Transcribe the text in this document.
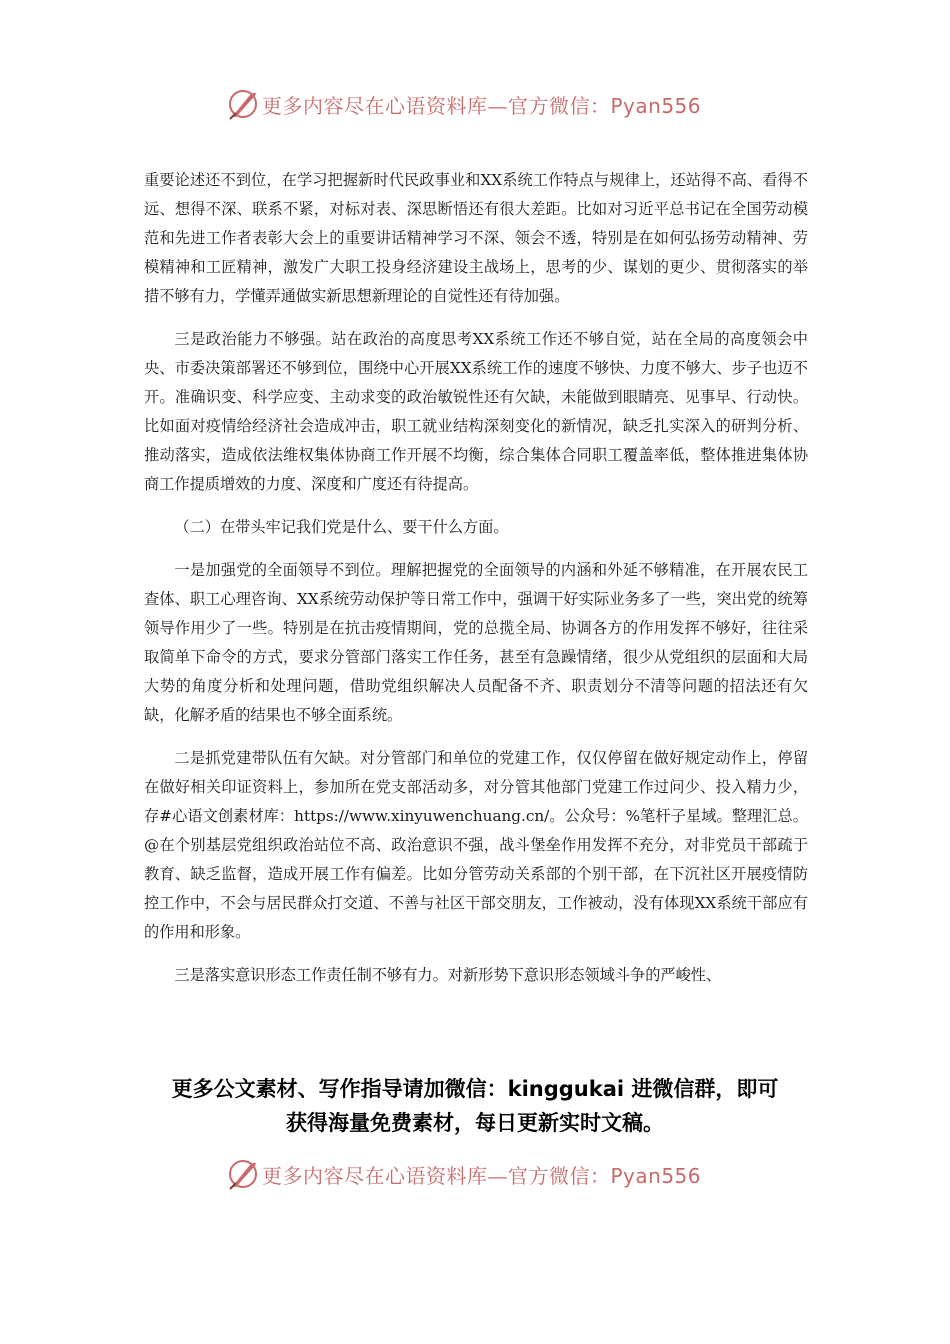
更多内容尽在心语资料库—官方微信：Pyan556

重要论述还不到位，在学习把握新时代民政事业和XX系统工作特点与规律上，还站得不高、看得不远、想得不深、联系不紧，对标对表、深思断悟还有很大差距。比如对习近平总书记在全国劳动模范和先进工作者表彰大会上的重要讲话精神学习不深、领会不透，特别是在如何弘扬劳动精神、劳模精神和工匠精神，激发广大职工投身经济建设主战场上，思考的少、谋划的更少、贯彻落实的举措不够有力，学懂弄通做实新思想新理论的自觉性还有待加强。

三是政治能力不够强。站在政治的高度思考XX系统工作还不够自觉，站在全局的高度领会中央、市委决策部署还不够到位，围绕中心开展XX系统工作的速度不够快、力度不够大、步子也迈不开。准确识变、科学应变、主动求变的政治敏锐性还有欠缺，未能做到眼睛亮、见事早、行动快。比如面对疫情给经济社会造成冲击，职工就业结构深刻变化的新情况，缺乏扎实深入的研判分析、推动落实，造成依法维权集体协商工作开展不均衡，综合集体合同职工覆盖率低，整体推进集体协商工作提质增效的力度、深度和广度还有待提高。

（二）在带头牢记我们党是什么、要干什么方面。

一是加强党的全面领导不到位。理解把握党的全面领导的内涵和外延不够精准，在开展农民工查体、职工心理咨询、XX系统劳动保护等日常工作中，强调干好实际业务多了一些，突出党的统筹领导作用少了一些。特别是在抗击疫情期间，党的总揽全局、协调各方的作用发挥不够好，往往采取简单下命令的方式，要求分管部门落实工作任务，甚至有急躁情绪，很少从党组织的层面和大局大势的角度分析和处理问题，借助党组织解决人员配备不齐、职责划分不清等问题的招法还有欠缺，化解矛盾的结果也不够全面系统。

二是抓党建带队伍有欠缺。对分管部门和单位的党建工作，仅仅停留在做好规定动作上，停留在做好相关印证资料上，参加所在党支部活动多，对分管其他部门党建工作过问少、投入精力少，存#心语文创素材库：https://www.xinyuwenchuang.cn/。公众号：%笔杆子星域。整理汇总。@在个别基层党组织政治站位不高、政治意识不强，战斗堡垒作用发挥不充分，对非党员干部疏于教育、缺乏监督，造成开展工作有偏差。比如分管劳动关系部的个别干部，在下沉社区开展疫情防控工作中，不会与居民群众打交道、不善与社区干部交朋友，工作被动，没有体现XX系统干部应有的作用和形象。

三是落实意识形态工作责任制不够有力。对新形势下意识形态领域斗争的严峻性、

更多公文素材、写作指导请加微信：kinggukai 进微信群，即可
获得海量免费素材，每日更新实时文稿。
更多内容尽在心语资料库—官方微信：Pyan556
